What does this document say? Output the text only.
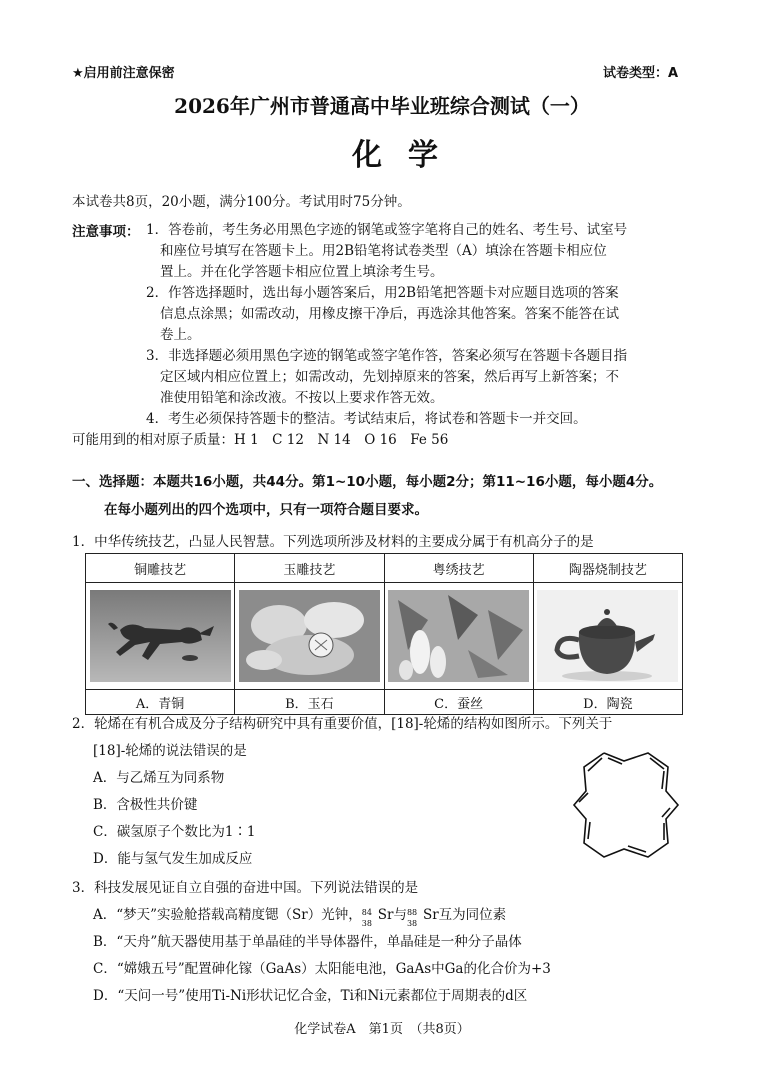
★启用前注意保密	试卷类型：A
2026年广州市普通高中毕业班综合测试（一）
化学
本试卷共8页，20小题，满分100分。考试用时75分钟。
注意事项： 1．答卷前，考生务必用黑色字迹的钢笔或签字笔将自己的姓名、考生号、试室号
和座位号填写在答题卡上。用2B铅笔将试卷类型（A）填涂在答题卡相应位
置上。并在化学答题卡相应位置上填涂考生号。
2．作答选择题时，选出每小题答案后，用2B铅笔把答题卡对应题目选项的答案
信息点涂黑；如需改动，用橡皮擦干净后，再选涂其他答案。答案不能答在试
卷上。
3．非选择题必须用黑色字迹的钢笔或签字笔作答，答案必须写在答题卡各题目指
定区域内相应位置上；如需改动，先划掉原来的答案，然后再写上新答案；不
准使用铅笔和涂改液。不按以上要求作答无效。
4．考生必须保持答题卡的整洁。考试结束后，将试卷和答题卡一并交回。
可能用到的相对原子质量：H 1　C 12　N 14　O 16　Fe 56
一、选择题：本题共16小题，共44分。第1~10小题，每小题2分；第11~16小题，每小题4分。
在每小题列出的四个选项中，只有一项符合题目要求。
1．中华传统技艺，凸显人民智慧。下列选项所涉及材料的主要成分属于有机高分子的是
铜雕技艺	玉雕技艺	粤绣技艺	陶器烧制技艺

A．青铜	B．玉石	C．蚕丝	D．陶瓷
2．轮烯在有机合成及分子结构研究中具有重要价值，[18]-轮烯的结构如图所示。下列关于
[18]-轮烯的说法错误的是
A．与乙烯互为同系物
B．含极性共价键
C．碳氢原子个数比为1∶1
D．能与氢气发生加成反应
3．科技发展见证自立自强的奋进中国。下列说法错误的是
A．“梦天”实验舱搭载高精度锶（Sr）光钟， 84
38 Sr与 88
38 Sr互为同位素
B．“天舟”航天器使用基于单晶硅的半导体器件，单晶硅是一种分子晶体
C．“嫦娥五号”配置砷化镓（GaAs）太阳能电池，GaAs中Ga的化合价为+3
D．“天问一号”使用Ti-Ni形状记忆合金，Ti和Ni元素都位于周期表的d区
化学试卷A　第1页　（共8页）
